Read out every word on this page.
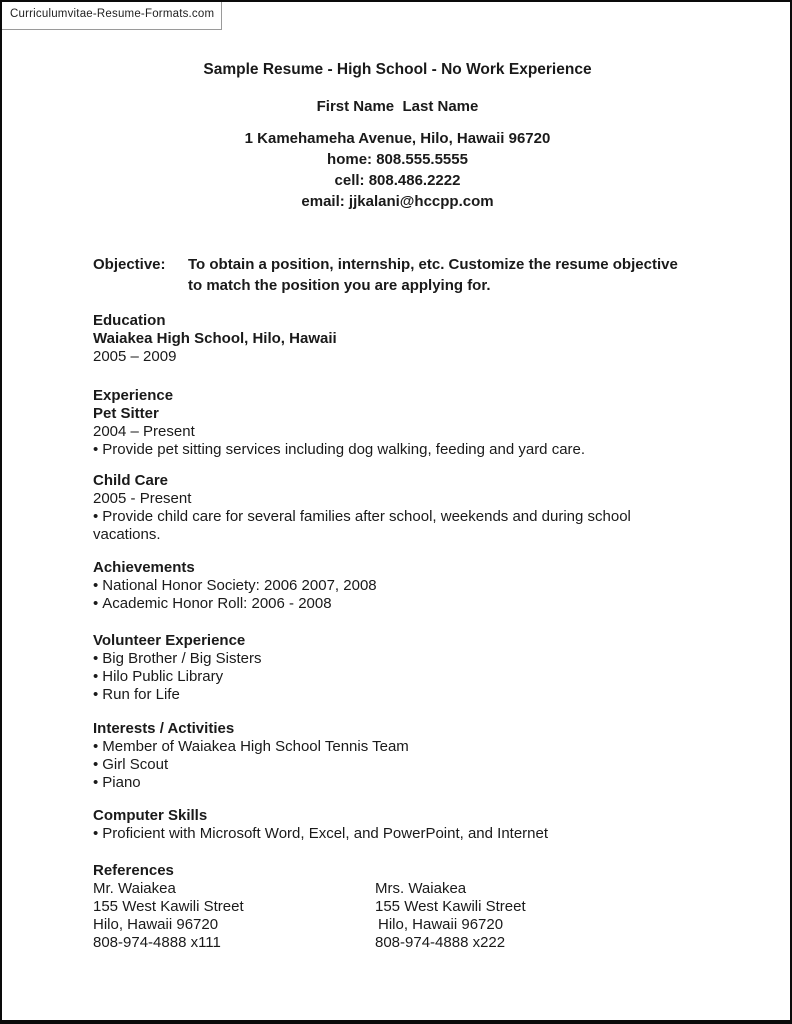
Curriculumvitae-Resume-Formats.com
Sample Resume - High School - No Work Experience
First Name  Last Name
1 Kamehameha Avenue, Hilo, Hawaii 96720
home: 808.555.5555
cell: 808.486.2222
email: jjkalani@hccpp.com
Objective:	To obtain a position, internship, etc. Customize the resume objective to match the position you are applying for.
Education
Waiakea High School, Hilo, Hawaii
2005 – 2009
Experience
Pet Sitter
2004 – Present
• Provide pet sitting services including dog walking, feeding and yard care.
Child Care
2005 - Present
• Provide child care for several families after school, weekends and during school vacations.
Achievements
• National Honor Society: 2006 2007, 2008
• Academic Honor Roll: 2006 - 2008
Volunteer Experience
• Big Brother / Big Sisters
• Hilo Public Library
• Run for Life
Interests / Activities
• Member of Waiakea High School Tennis Team
• Girl Scout
• Piano
Computer Skills
• Proficient with Microsoft Word, Excel, and PowerPoint, and Internet
References
Mr. Waiakea
155 West Kawili Street
Hilo, Hawaii 96720
808-974-4888 x111
Mrs. Waiakea
155 West Kawili Street
Hilo, Hawaii 96720
808-974-4888 x222
